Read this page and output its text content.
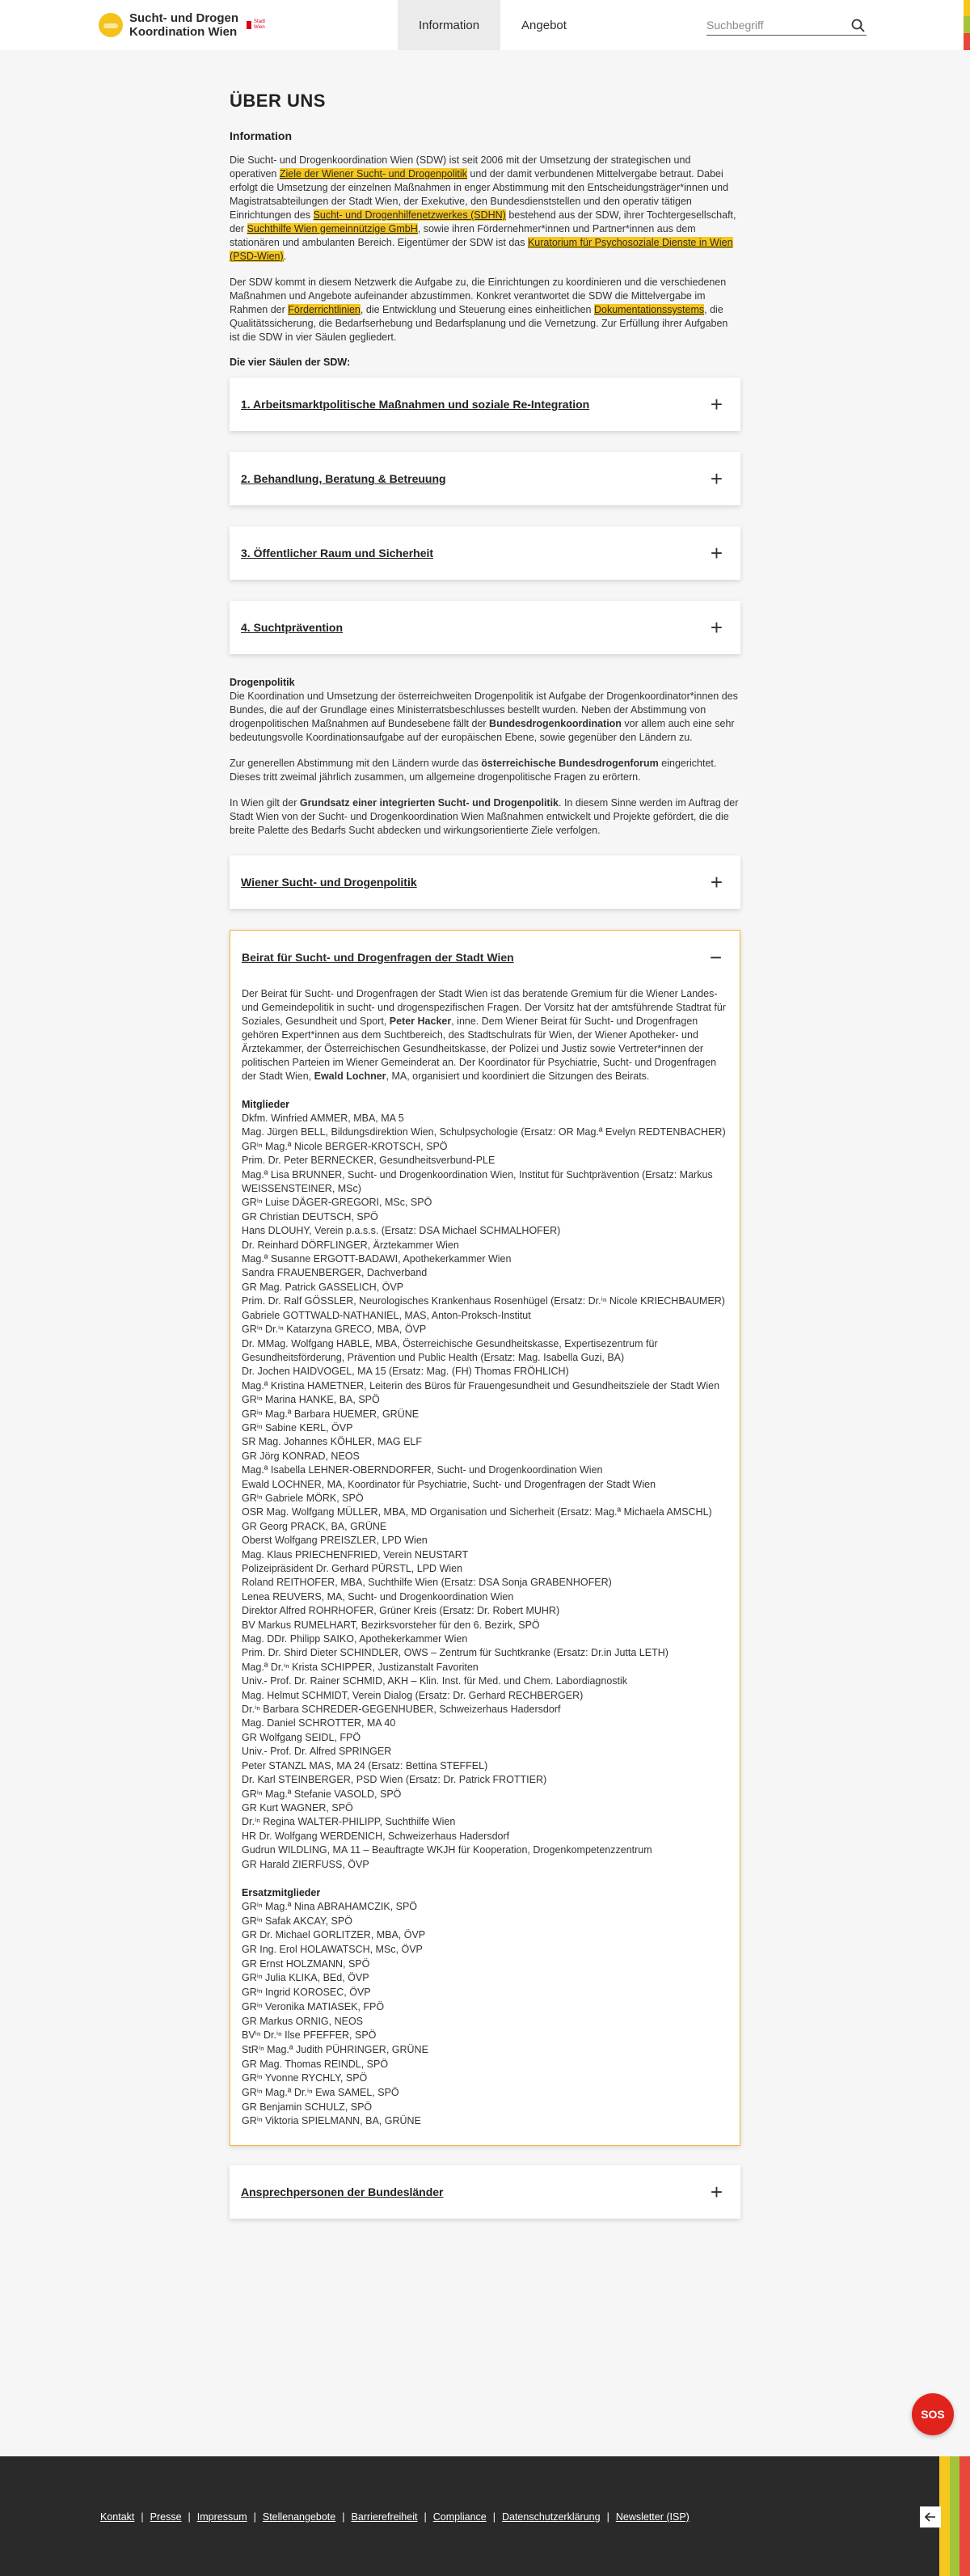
Sucht- und Drogen
Koordination Wien
Stadt
Wien	Information	Angebot
Suchbegriff
ÜBER UNS
Information

Die Sucht- und Drogenkoordination Wien (SDW) ist seit 2006 mit der Umsetzung der strategischen und operativen Ziele der Wiener Sucht- und Drogenpolitik und der damit verbundenen Mittelvergabe betraut. Dabei erfolgt die Umsetzung der einzelnen Maßnahmen in enger Abstimmung mit den Entscheidungsträger*innen und Magistratsabteilungen der Stadt Wien, der Exekutive, den Bundesdienststellen und den operativ tätigen Einrichtungen des Sucht- und Drogenhilfenetzwerkes (SDHN) bestehend aus der SDW, ihrer Tochtergesellschaft, der Suchthilfe Wien gemeinnützige GmbH, sowie ihren Fördernehmer*innen und Partner*innen aus dem stationären und ambulanten Bereich. Eigentümer der SDW ist das Kuratorium für Psychosoziale Dienste in Wien (PSD-Wien).

Der SDW kommt in diesem Netzwerk die Aufgabe zu, die Einrichtungen zu koordinieren und die verschiedenen Maßnahmen und Angebote aufeinander abzustimmen. Konkret verantwortet die SDW die Mittelvergabe im Rahmen der Förderrichtlinien, die Entwicklung und Steuerung eines einheitlichen Dokumentationssystems, die Qualitätssicherung, die Bedarfserhebung und Bedarfsplanung und die Vernetzung. Zur Erfüllung ihrer Aufgaben ist die SDW in vier Säulen gegliedert.

Die vier Säulen der SDW:
1. Arbeitsmarktpolitische Maßnahmen und soziale Re-Integration	+
2. Behandlung, Beratung & Betreuung	+
3. Öffentlicher Raum und Sicherheit	+
4. Suchtprävention	+
Drogenpolitik

Die Koordination und Umsetzung der österreichweiten Drogenpolitik ist Aufgabe der Drogenkoordinator*innen des Bundes, die auf der Grundlage eines Ministerratsbeschlusses bestellt wurden. Neben der Abstimmung von drogenpolitischen Maßnahmen auf Bundesebene fällt der Bundesdrogenkoordination vor allem auch eine sehr bedeutungsvolle Koordinationsaufgabe auf der europäischen Ebene, sowie gegenüber den Ländern zu.

Zur generellen Abstimmung mit den Ländern wurde das österreichische Bundesdrogenforum eingerichtet. Dieses tritt zweimal jährlich zusammen, um allgemeine drogenpolitische Fragen zu erörtern.

In Wien gilt der Grundsatz einer integrierten Sucht- und Drogenpolitik. In diesem Sinne werden im Auftrag der Stadt Wien von der Sucht- und Drogenkoordination Wien Maßnahmen entwickelt und Projekte gefördert, die die breite Palette des Bedarfs Sucht abdecken und wirkungsorientierte Ziele verfolgen.

Wiener Sucht- und Drogenpolitik	+
Beirat für Sucht- und Drogenfragen der Stadt Wien	−

Der Beirat für Sucht- und Drogenfragen der Stadt Wien ist das beratende Gremium für die Wiener Landes- und Gemeindepolitik in sucht- und drogenspezifischen Fragen. Der Vorsitz hat der amtsführende Stadtrat für Soziales, Gesundheit und Sport, Peter Hacker, inne. Dem Wiener Beirat für Sucht- und Drogenfragen gehören Expert*innen aus dem Suchtbereich, des Stadtschulrats für Wien, der Wiener Apotheker- und Ärztekammer, der Österreichischen Gesundheitskasse, der Polizei und Justiz sowie Vertreter*innen der politischen Parteien im Wiener Gemeinderat an. Der Koordinator für Psychiatrie, Sucht- und Drogenfragen der Stadt Wien, Ewald Lochner, MA, organisiert und koordiniert die Sitzungen des Beirats.

Mitglieder
Dkfm. Winfried AMMER, MBA, MA 5
Mag. Jürgen BELL, Bildungsdirektion Wien, Schulpsychologie (Ersatz: OR Mag.ª Evelyn REDTENBACHER)
GRⁱⁿ Mag.ª Nicole BERGER-KROTSCH, SPÖ
Prim. Dr. Peter BERNECKER, Gesundheitsverbund-PLE
Mag.ª Lisa BRUNNER, Sucht- und Drogenkoordination Wien, Institut für Suchtprävention (Ersatz: Markus WEISSENSTEINER, MSc)
GRⁱⁿ Luise DÄGER-GREGORI, MSc, SPÖ
GR Christian DEUTSCH, SPÖ
Hans DLOUHY, Verein p.a.s.s. (Ersatz: DSA Michael SCHMALHOFER)
Dr. Reinhard DÖRFLINGER, Ärztekammer Wien
Mag.ª Susanne ERGOTT-BADAWI, Apothekerkammer Wien
Sandra FRAUENBERGER, Dachverband
GR Mag. Patrick GASSELICH, ÖVP
Prim. Dr. Ralf GÖSSLER, Neurologisches Krankenhaus Rosenhügel (Ersatz: Dr.ⁱⁿ Nicole KRIECHBAUMER)
Gabriele GOTTWALD-NATHANIEL, MAS, Anton-Proksch-Institut
GRⁱⁿ Dr.ⁱⁿ Katarzyna GRECO, MBA, ÖVP
Dr. MMag. Wolfgang HABLE, MBA, Österreichische Gesundheitskasse, Expertisezentrum für Gesundheitsförderung, Prävention und Public Health (Ersatz: Mag. Isabella Guzi, BA)
Dr. Jochen HAIDVOGEL, MA 15 (Ersatz: Mag. (FH) Thomas FRÖHLICH)
Mag.ª Kristina HAMETNER, Leiterin des Büros für Frauengesundheit und Gesundheitsziele der Stadt Wien
GRⁱⁿ Marina HANKE, BA, SPÖ
GRⁱⁿ Mag.ª Barbara HUEMER, GRÜNE
GRⁱⁿ Sabine KERL, ÖVP
SR Mag. Johannes KÖHLER, MAG ELF
GR Jörg KONRAD, NEOS
Mag.ª Isabella LEHNER-OBERNDORFER, Sucht- und Drogenkoordination Wien
Ewald LOCHNER, MA, Koordinator für Psychiatrie, Sucht- und Drogenfragen der Stadt Wien
GRⁱⁿ Gabriele MÖRK, SPÖ
OSR Mag. Wolfgang MÜLLER, MBA, MD Organisation und Sicherheit (Ersatz: Mag.ª Michaela AMSCHL)
GR Georg PRACK, BA, GRÜNE
Oberst Wolfgang PREISZLER, LPD Wien
Mag. Klaus PRIECHENFRIED, Verein NEUSTART
Polizeipräsident Dr. Gerhard PÜRSTL, LPD Wien
Roland REITHOFER, MBA, Suchthilfe Wien (Ersatz: DSA Sonja GRABENHOFER)
Lenea REUVERS, MA, Sucht- und Drogenkoordination Wien
Direktor Alfred ROHRHOFER, Grüner Kreis (Ersatz: Dr. Robert MUHR)
BV Markus RUMELHART, Bezirksvorsteher für den 6. Bezirk, SPÖ
Mag. DDr. Philipp SAIKO, Apothekerkammer Wien
Prim. Dr. Shird Dieter SCHINDLER, OWS – Zentrum für Suchtkranke (Ersatz: Dr.in Jutta LETH)
Mag.ª Dr.ⁱⁿ Krista SCHIPPER, Justizanstalt Favoriten
Univ.- Prof. Dr. Rainer SCHMID, AKH – Klin. Inst. für Med. und Chem. Labordiagnostik
Mag. Helmut SCHMIDT, Verein Dialog (Ersatz: Dr. Gerhard RECHBERGER)
Dr.ⁱⁿ Barbara SCHREDER-GEGENHUBER, Schweizerhaus Hadersdorf
Mag. Daniel SCHROTTER, MA 40
GR Wolfgang SEIDL, FPÖ
Univ.- Prof. Dr. Alfred SPRINGER
Peter STANZL MAS, MA 24 (Ersatz: Bettina STEFFEL)
Dr. Karl STEINBERGER, PSD Wien (Ersatz: Dr. Patrick FROTTIER)
GRⁱⁿ Mag.ª Stefanie VASOLD, SPÖ
GR Kurt WAGNER, SPÖ
Dr.ⁱⁿ Regina WALTER-PHILIPP, Suchthilfe Wien
HR Dr. Wolfgang WERDENICH, Schweizerhaus Hadersdorf
Gudrun WILDLING, MA 11 – Beauftragte WKJH für Kooperation, Drogenkompetenzzentrum
GR Harald ZIERFUSS, ÖVP
Ersatzmitglieder
GRⁱⁿ Mag.ª Nina ABRAHAMCZIK, SPÖ
GRⁱⁿ Safak AKCAY, SPÖ
GR Dr. Michael GORLITZER, MBA, ÖVP
GR Ing. Erol HOLAWATSCH, MSc, ÖVP
GR Ernst HOLZMANN, SPÖ
GRⁱⁿ Julia KLIKA, BEd, ÖVP
GRⁱⁿ Ingrid KOROSEC, ÖVP
GRⁱⁿ Veronika MATIASEK, FPÖ
GR Markus ORNIG, NEOS
BVⁱⁿ Dr.ⁱⁿ Ilse PFEFFER, SPÖ
StRⁱⁿ Mag.ª Judith PÜHRINGER, GRÜNE
GR Mag. Thomas REINDL, SPÖ
GRⁱⁿ Yvonne RYCHLY, SPÖ
GRⁱⁿ Mag.ª Dr.ⁱⁿ Ewa SAMEL, SPÖ
GR Benjamin SCHULZ, SPÖ
GRⁱⁿ Viktoria SPIELMANN, BA, GRÜNE
Ansprechpersonen der Bundesländer	+
SOS
Kontakt | Presse | Impressum | Stellenangebote | Barrierefreiheit | Compliance | Datenschutzerklärung | Newsletter (ISP)
